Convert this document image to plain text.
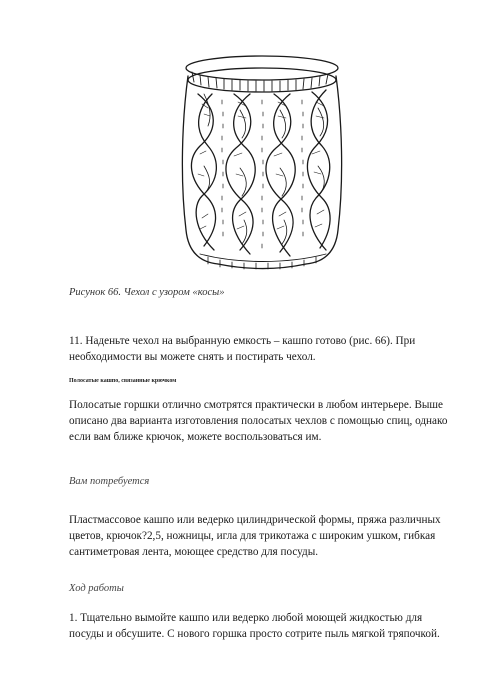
Рисунок 66. Чехол с узором «косы»

11. Наденьте чехол на выбранную емкость – кашпо готово (рис. 66). При необходимости вы можете снять и постирать чехол.

Полосатые кашпо, связанные крючком

Полосатые горшки отлично смотрятся практически в любом интерьере. Выше описано два варианта изготовления полосатых чехлов с помощью спиц, однако если вам ближе крючок, можете воспользоваться им.

Вам потребуется

Пластмассовое кашпо или ведерко цилиндрической формы, пряжа различных цветов, крючок?2,5, ножницы, игла для трикотажа с широким ушком, гибкая сантиметровая лента, моющее средство для посуды.

Ход работы

1. Тщательно вымойте кашпо или ведерко любой моющей жидкостью для посуды и обсушите. С нового горшка просто сотрите пыль мягкой тряпочкой.
